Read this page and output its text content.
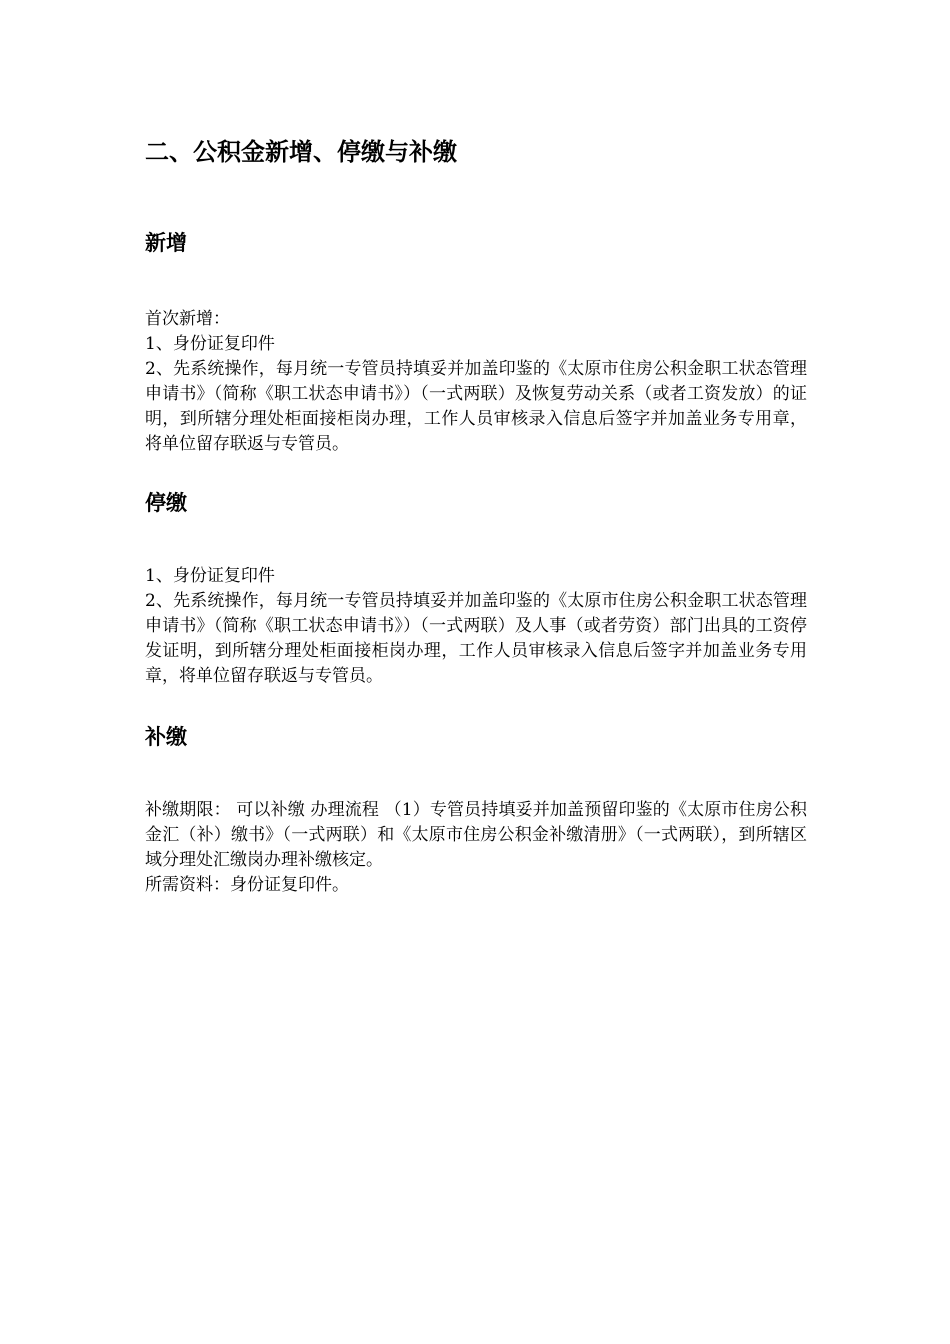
二、公积金新增、停缴与补缴
新增

首次新增：

1、身份证复印件

2、先系统操作，每月统一专管员持填妥并加盖印鉴的《太原市住房公积金职工状态管理申请书》（简称《职工状态申请书》）（一式两联）及恢复劳动关系（或者工资发放）的证明，到所辖分理处柜面接柜岗办理，工作人员审核录入信息后签字并加盖业务专用章，将单位留存联返与专管员。

停缴

1、身份证复印件

2、先系统操作，每月统一专管员持填妥并加盖印鉴的《太原市住房公积金职工状态管理申请书》（简称《职工状态申请书》）（一式两联）及人事（或者劳资）部门出具的工资停发证明，到所辖分理处柜面接柜岗办理，工作人员审核录入信息后签字并加盖业务专用章，将单位留存联返与专管员。

补缴

补缴期限： 可以补缴 办理流程 （1）专管员持填妥并加盖预留印鉴的《太原市住房公积金汇（补）缴书》（一式两联）和《太原市住房公积金补缴清册》（一式两联），到所辖区域分理处汇缴岗办理补缴核定。

所需资料：身份证复印件。
